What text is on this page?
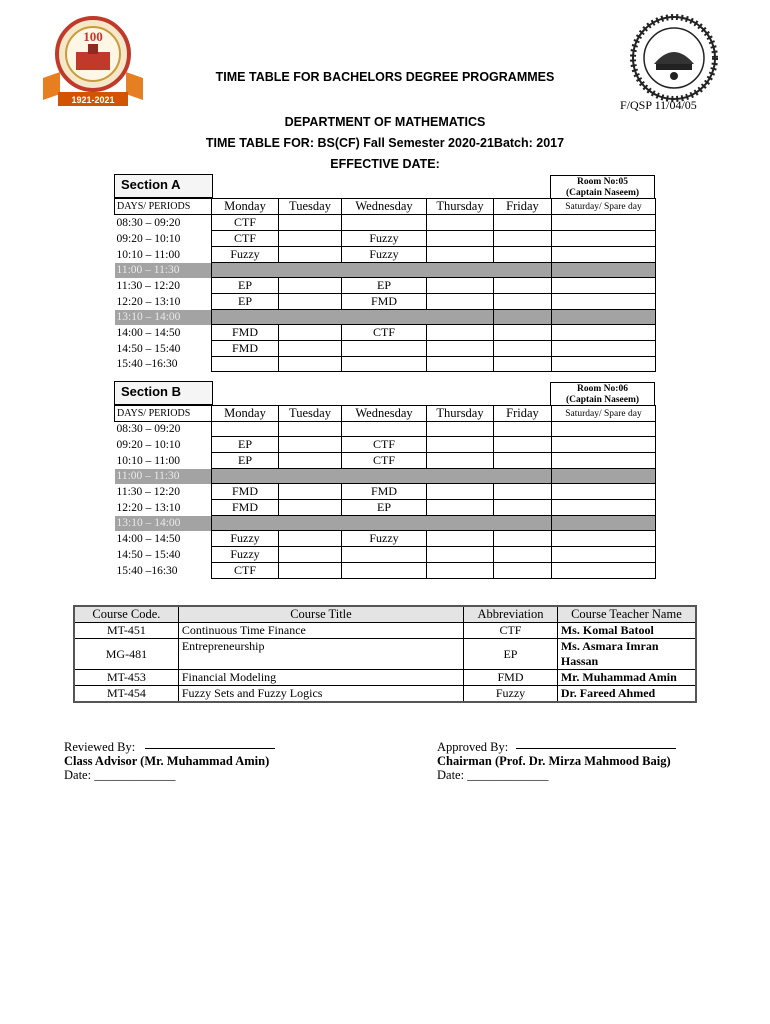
100
1921-2021
TIME TABLE FOR BACHELORS DEGREE PROGRAMMES
F/QSP 11/04/05
DEPARTMENT OF MATHEMATICS
TIME TABLE FOR: BS(CF) Fall Semester 2020-21Batch: 2017
EFFECTIVE DATE:
Section A	Room No:05
(Captain Naseem)
DAYS/ PERIODS	Monday	Tuesday	Wednesday	Thursday	Friday	Saturday/ Spare day
08:30 – 09:20	CTF					
09:20 – 10:10	CTF		Fuzzy			
10:10 – 11:00	Fuzzy		Fuzzy			
11:00 – 11:30						
11:30 – 12:20	EP		EP			
12:20 – 13:10	EP		FMD			
13:10 – 14:00						
14:00 – 14:50	FMD		CTF			
14:50 – 15:40	FMD					
15:40 –16:30						
Section B	Room No:06
(Captain Naseem)
DAYS/ PERIODS	Monday	Tuesday	Wednesday	Thursday	Friday	Saturday/ Spare day
08:30 – 09:20						
09:20 – 10:10	EP		CTF			
10:10 – 11:00	EP		CTF			
11:00 – 11:30						
11:30 – 12:20	FMD		FMD			
12:20 – 13:10	FMD		EP			
13:10 – 14:00						
14:00 – 14:50	Fuzzy		Fuzzy			
14:50 – 15:40	Fuzzy					
15:40 –16:30	CTF					
Course Code.	Course Title	Abbreviation	Course Teacher Name
MT-451	Continuous Time Finance	CTF	Ms. Komal Batool
MG-481	Entrepreneurship	EP	Ms. Asmara Imran Hassan
MT-453	Financial Modeling	FMD	Mr. Muhammad Amin
MT-454	Fuzzy Sets and Fuzzy Logics	Fuzzy	Dr. Fareed Ahmed
Reviewed By:
Class Advisor (Mr. Muhammad Amin)
Date: _____________
Approved By:
Chairman (Prof. Dr. Mirza Mahmood Baig)
Date: _____________
